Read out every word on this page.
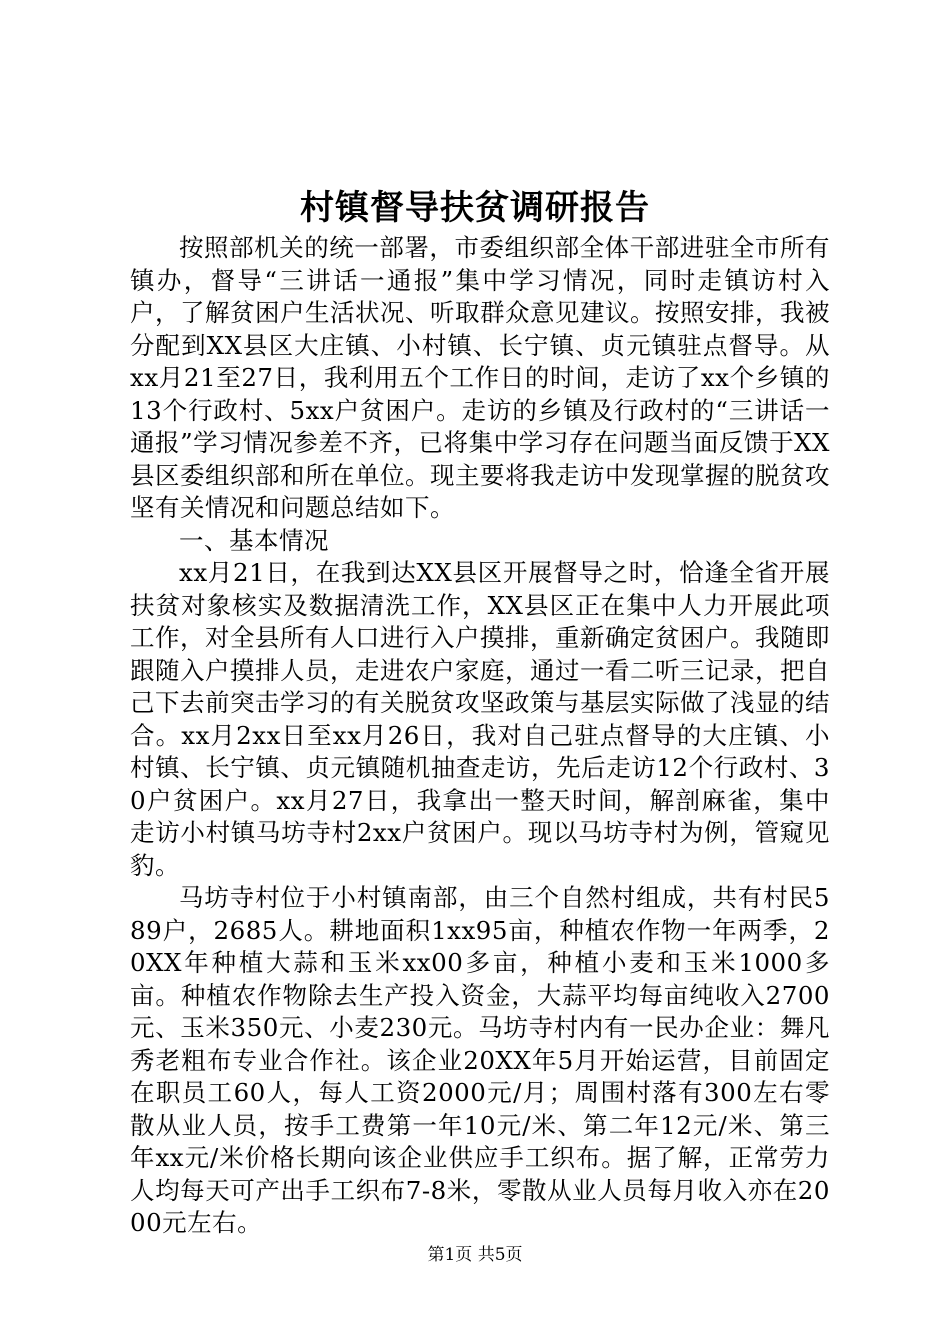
村镇督导扶贫调研报告

按照部机关的统一部署，市委组织部全体干部进驻全市所有镇办，督导“三讲话一通报”集中学习情况，同时走镇访村入户，了解贫困户生活状况、听取群众意见建议。按照安排，我被分配到XX县区大庄镇、小村镇、长宁镇、贞元镇驻点督导。从xx月21至27日，我利用五个工作日的时间，走访了xx个乡镇的13个行政村、5xx户贫困户。走访的乡镇及行政村的“三讲话一通报”学习情况参差不齐，已将集中学习存在问题当面反馈于XX县区委组织部和所在单位。现主要将我走访中发现掌握的脱贫攻坚有关情况和问题总结如下。

一、基本情况

xx月21日，在我到达XX县区开展督导之时，恰逢全省开展扶贫对象核实及数据清洗工作，XX县区正在集中人力开展此项工作，对全县所有人口进行入户摸排，重新确定贫困户。我随即跟随入户摸排人员，走进农户家庭，通过一看二听三记录，把自己下去前突击学习的有关脱贫攻坚政策与基层实际做了浅显的结合。xx月2xx日至xx月26日，我对自己驻点督导的大庄镇、小村镇、长宁镇、贞元镇随机抽查走访，先后走访12个行政村、30户贫困户。xx月27日，我拿出一整天时间，解剖麻雀，集中走访小村镇马坊寺村2xx户贫困户。现以马坊寺村为例，管窥见豹。

马坊寺村位于小村镇南部，由三个自然村组成，共有村民589户，2685人。耕地面积1xx95亩，种植农作物一年两季，20XX年种植大蒜和玉米xx00多亩，种植小麦和玉米1000多亩。种植农作物除去生产投入资金，大蒜平均每亩纯收入2700元、玉米350元、小麦230元。马坊寺村内有一民办企业：舞凡秀老粗布专业合作社。该企业20XX年5月开始运营，目前固定在职员工60人，每人工资2000元/月；周围村落有300左右零散从业人员，按手工费第一年10元/米、第二年12元/米、第三年xx元/米价格长期向该企业供应手工织布。据了解，正常劳力人均每天可产出手工织布7-8米，零散从业人员每月收入亦在2000元左右。

第1页 共5页
